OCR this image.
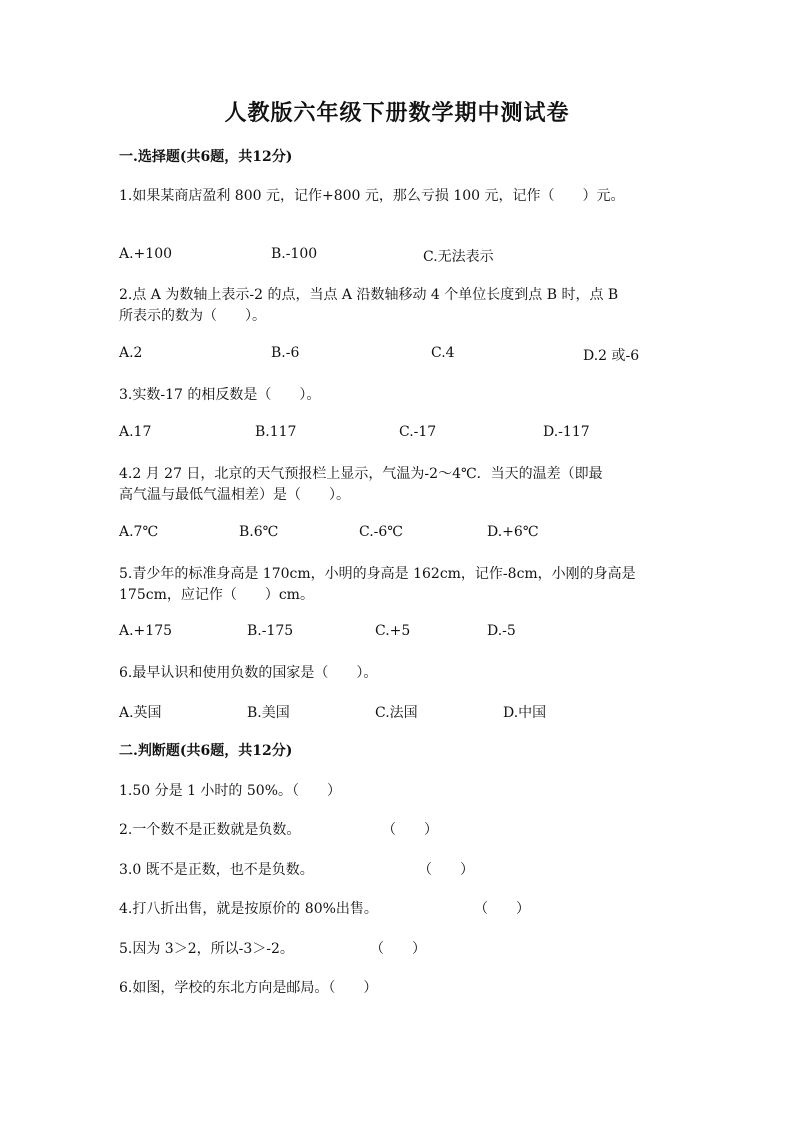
人教版六年级下册数学期中测试卷
一.选择题(共6题，共12分)
1.如果某商店盈利 800 元，记作+800 元，那么亏损 100 元，记作（　　）元。
A.+100	B.-100	C.无法表示
2.点 A 为数轴上表示-2 的点，当点 A 沿数轴移动 4 个单位长度到点 B 时，点 B
所表示的数为（　　）。
A.2	B.-6	C.4	D.2 或-6
3.实数-17 的相反数是（　　）。
A.17	B.117	C.-17	D.-117
4.2 月 27 日，北京的天气预报栏上显示，气温为-2～4℃．当天的温差（即最
高气温与最低气温相差）是（　　）。
A.7℃	B.6℃	C.-6℃	D.+6℃
5.青少年的标准身高是 170cm，小明的身高是 162cm，记作-8cm，小刚的身高是
175cm，应记作（　　）cm。
A.+175	B.-175	C.+5	D.-5
6.最早认识和使用负数的国家是（　　）。
A.英国	B.美国	C.法国	D.中国
二.判断题(共6题，共12分)
1.50 分是 1 小时的 50%。（　　）
2.一个数不是正数就是负数。	（　　）
3.0 既不是正数，也不是负数。	（　　）
4.打八折出售，就是按原价的 80%出售。	（　　）
5.因为 3＞2，所以-3＞-2。	（　　）
6.如图，学校的东北方向是邮局。（　　）
